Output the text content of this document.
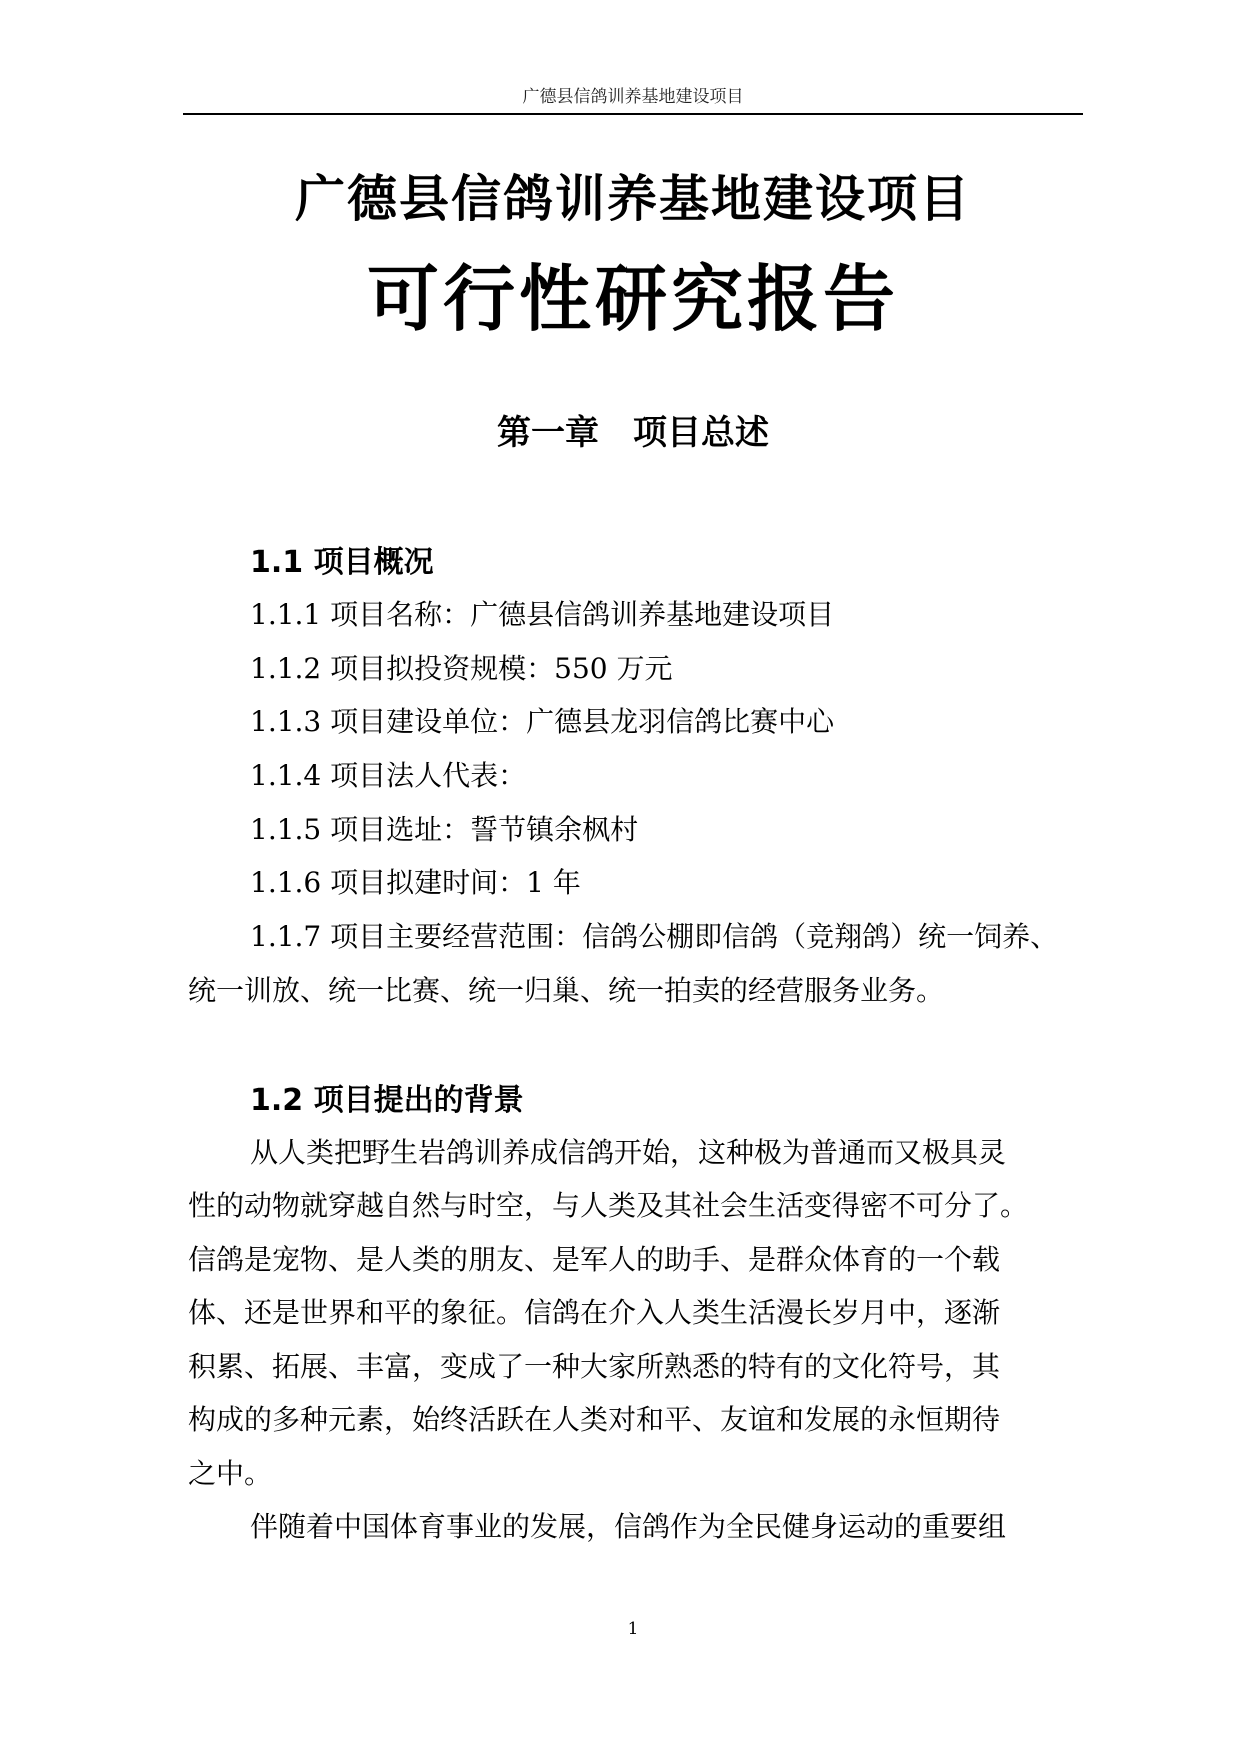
广德县信鸽训养基地建设项目
广德县信鸽训养基地建设项目
可行性研究报告
第一章　项目总述
1.1 项目概况
1.1.1 项目名称：广德县信鸽训养基地建设项目
1.1.2 项目拟投资规模：550 万元
1.1.3 项目建设单位：广德县龙羽信鸽比赛中心
1.1.4 项目法人代表：
1.1.5 项目选址：誓节镇余枫村
1.1.6 项目拟建时间：1 年
1.1.7 项目主要经营范围：信鸽公棚即信鸽（竞翔鸽）统一饲养、
统一训放、统一比赛、统一归巢、统一拍卖的经营服务业务。
1.2 项目提出的背景
从人类把野生岩鸽训养成信鸽开始，这种极为普通而又极具灵
性的动物就穿越自然与时空，与人类及其社会生活变得密不可分了。
信鸽是宠物、是人类的朋友、是军人的助手、是群众体育的一个载
体、还是世界和平的象征。信鸽在介入人类生活漫长岁月中，逐渐
积累、拓展、丰富，变成了一种大家所熟悉的特有的文化符号，其
构成的多种元素，始终活跃在人类对和平、友谊和发展的永恒期待
之中。
伴随着中国体育事业的发展，信鸽作为全民健身运动的重要组
1
